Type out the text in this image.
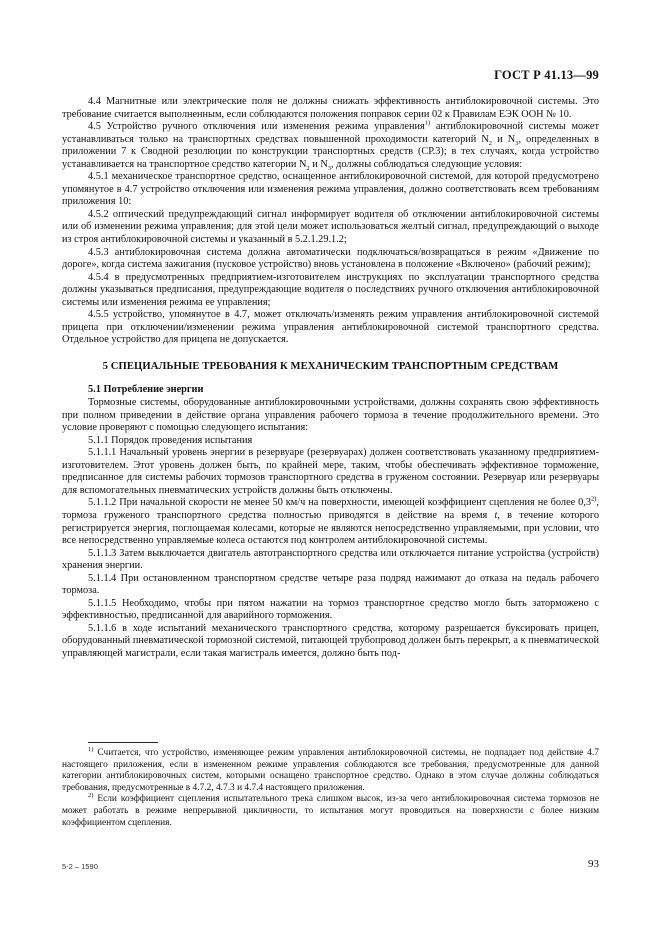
ГОСТ Р 41.13—99

4.4 Магнитные или электрические поля не должны снижать эффективность антиблокировочной системы. Это требование считается выполненным, если соблюдаются положения поправок серии 02 к Правилам ЕЭК ООН № 10.

4.5 Устройство ручного отключения или изменения режима управления$^{1)}$ антиблокировочной системы может устанавливаться только на транспортных средствах повышенной проходимости категорий $N_2$ и $N_3$, определенных в приложении 7 к Сводной резолюции по конструкции транспортных средств (СР.3); в тех случаях, когда устройство устанавливается на транспортное средство категории $N_2$ и $N_3$, должны соблюдаться следующие условия:

4.5.1 механическое транспортное средство, оснащенное антиблокировочной системой, для которой предусмотрено упомянутое в 4.7 устройство отключения или изменения режима управления, должно соответствовать всем требованиям приложения 10:

4.5.2 оптический предупреждающий сигнал информирует водителя об отключении антиблокировочной системы или об изменении режима управления; для этой цели может использоваться желтый сигнал, предупреждающий о выходе из строя антиблокировочной системы и указанный в 5.2.1.29.1.2;

4.5.3 антиблокировочная система должна автоматически подключаться/возвращаться в режим «Движение по дороге», когда система зажигания (пусковое устройство) вновь установлена в положение «Включено» (рабочий режим);

4.5.4 в предусмотренных предприятием-изготовителем инструкциях по эксплуатации транспортного средства должны указываться предписания, предупреждающие водителя о последствиях ручного отключения антиблокировочной системы или изменения режима ее управления;

4.5.5 устройство, упомянутое в 4.7, может отключать/изменять режим управления антиблокировочной системой прицепа при отключении/изменении режима управления антиблокировочной системой транспортного средства. Отдельное устройство для прицепа не допускается.

5 СПЕЦИАЛЬНЫЕ ТРЕБОВАНИЯ К МЕХАНИЧЕСКИМ ТРАНСПОРТНЫМ СРЕДСТВАМ

5.1 Потребление энергии

Тормозные системы, оборудованные антиблокировочными устройствами, должны сохранять свою эффективность при полном приведении в действие органа управления рабочего тормоза в течение продолжительного времени. Это условие проверяют с помощью следующего испытания:

5.1.1 Порядок проведения испытания

5.1.1.1 Начальный уровень энергии в резервуаре (резервуарах) должен соответствовать указанному предприятием-изготовителем. Этот уровень должен быть, по крайней мере, таким, чтобы обеспечивать эффективное торможение, предписанное для системы рабочих тормозов транспортного средства в груженом состоянии. Резервуар или резервуары для вспомогательных пневматических устройств должны быть отключены.

5.1.1.2 При начальной скорости не менее 50 км/ч на поверхности, имеющей коэффициент сцепления не более 0,3$^{2)}$, тормоза груженого транспортного средства полностью приводятся в действие на время t, в течение которого регистрируется энергия, поглощаемая колесами, которые не являются непосредственно управляемыми, при условии, что все непосредственно управляемые колеса остаются под контролем антиблокировочной системы.

5.1.1.3 Затем выключается двигатель автотранспортного средства или отключается питание устройства (устройств) хранения энергии.

5.1.1.4 При остановленном транспортном средстве четыре раза подряд нажимают до отказа на педаль рабочего тормоза.

5.1.1.5 Необходимо, чтобы при пятом нажатии на тормоз транспортное средство могло быть заторможено с эффективностью, предписанной для аварийного торможения.

5.1.1.6 в ходе испытаний механического транспортного средства, которому разрешается буксировать прицеп, оборудованный пневматической тормозной системой, питающей трубопровод должен быть перекрыт, а к пневматической управляющей магистрали, если такая магистраль имеется, должно быть под-

$^{1)}$ Считается, что устройство, изменяющее режим управления антиблокировочной системы, не подпадает под действие 4.7 настоящего приложения, если в измененном режиме управления соблюдаются все требования, предусмотренные для данной категории антиблокировочных систем, которыми оснащено транспортное средство. Однако в этом случае должны соблюдаться требования, предусмотренные в 4.7.2, 4.7.3 и 4.7.4 настоящего приложения.

$^{2)}$ Если коэффициент сцепления испытательного трека слишком высок, из-за чего антиблокировочная система тормозов не может работать в режиме непрерывной цикличности, то испытания могут проводиться на поверхности с более низким коэффициентом сцепления.

5-2 – 1590	93
